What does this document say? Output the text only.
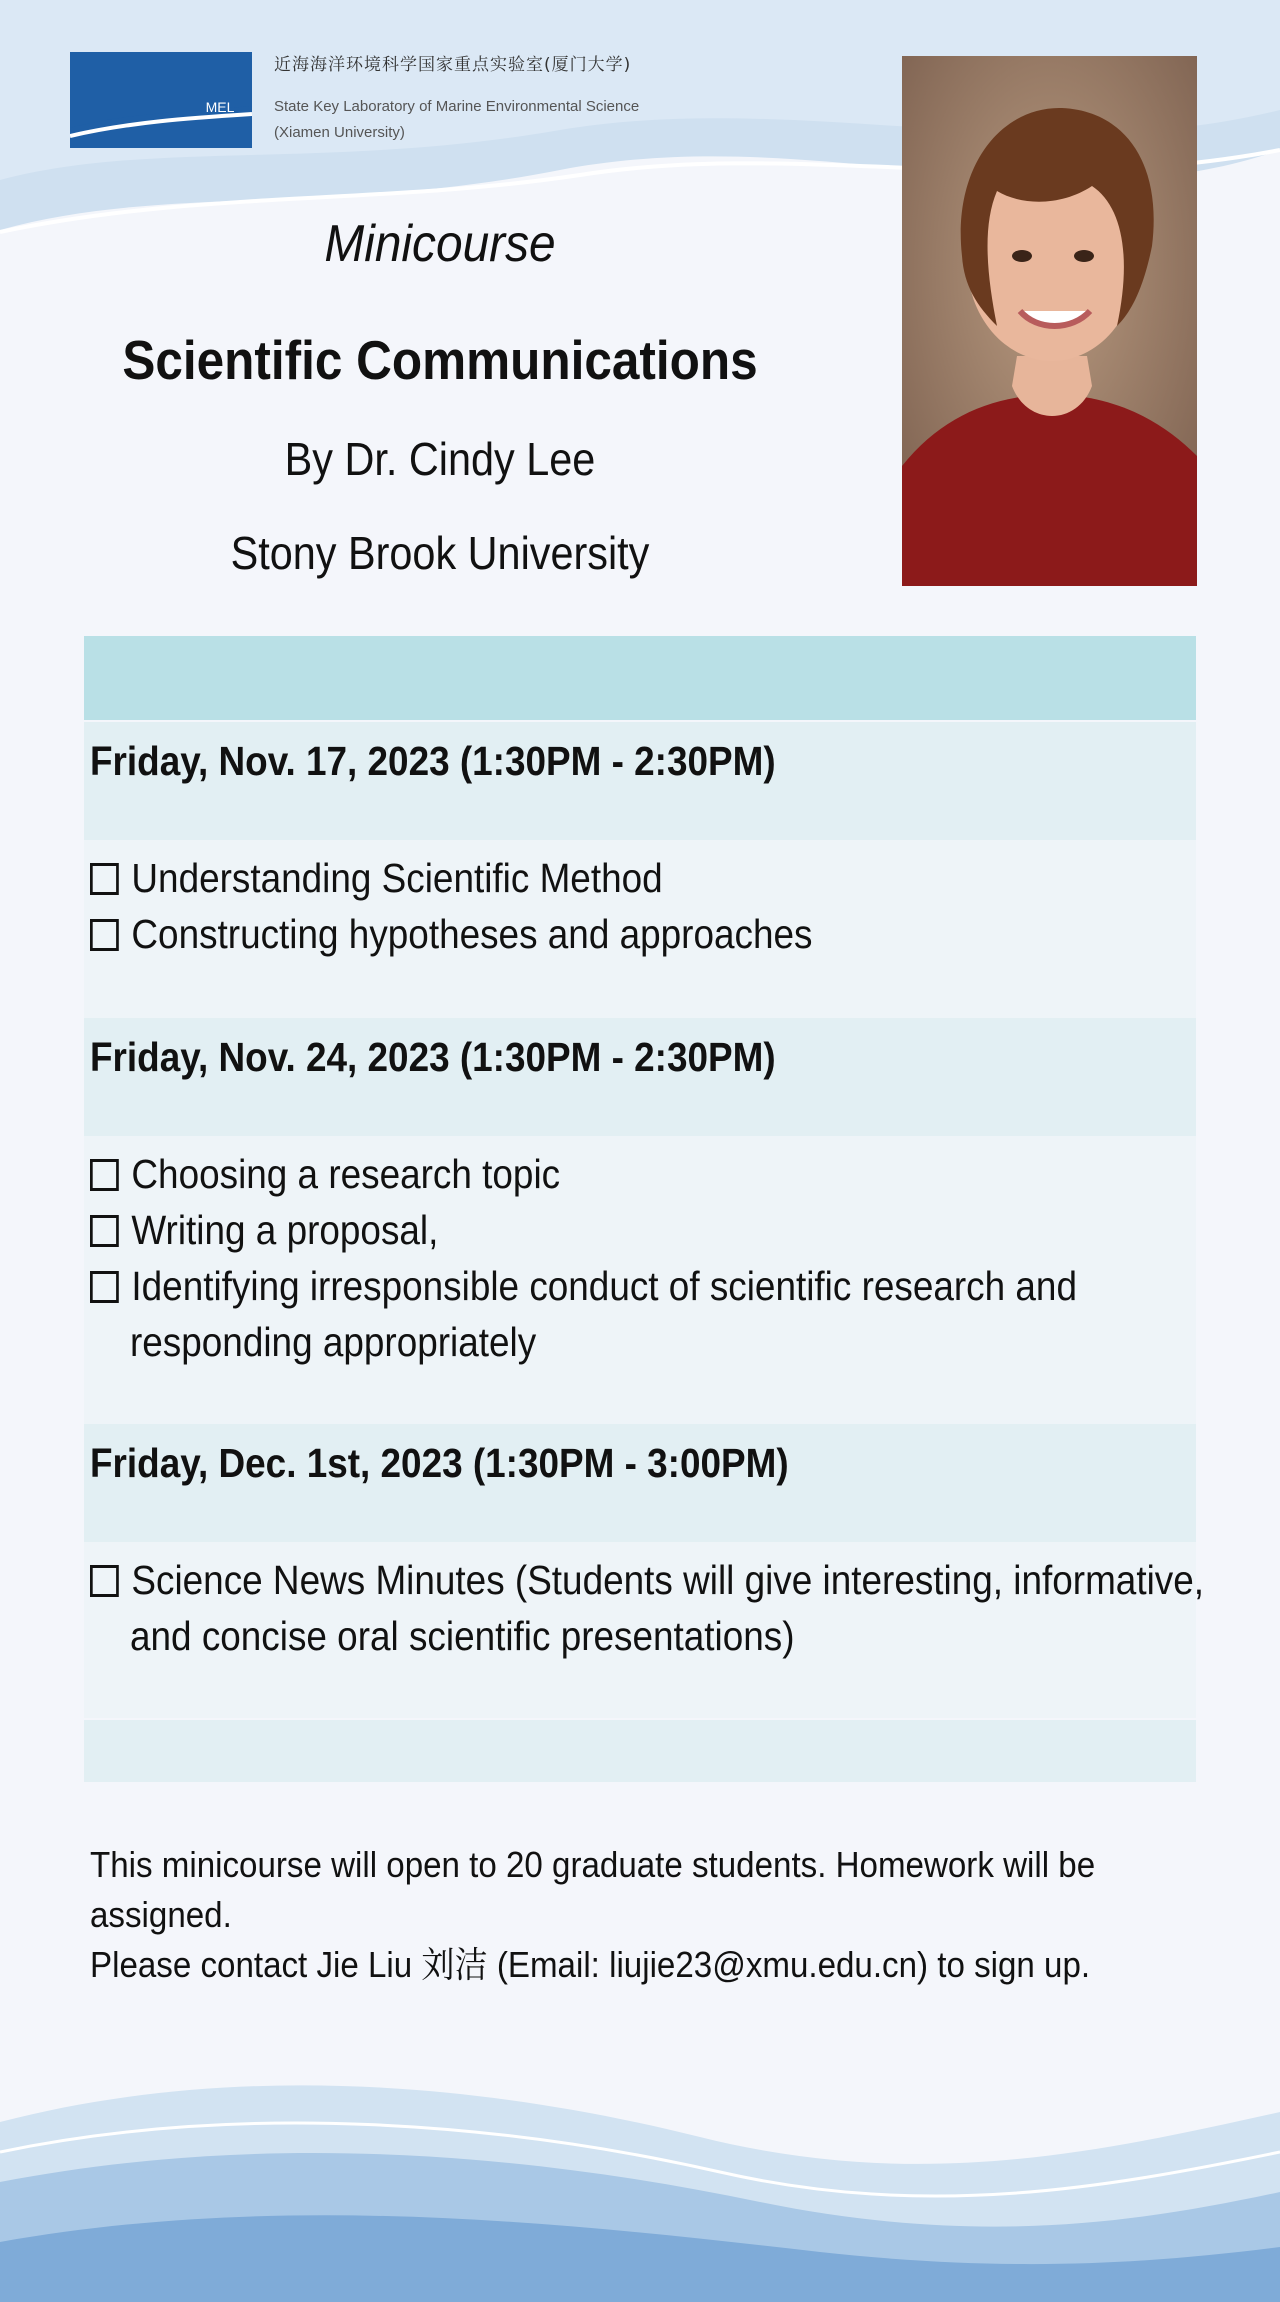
MEL
近海海洋环境科学国家重点实验室(厦门大学)
State Key Laboratory of Marine Environmental Science
(Xiamen University)
Minicourse
Scientific Communications
By Dr. Cindy Lee
Stony Brook University
Friday, Nov. 17, 2023 (1:30PM - 2:30PM)
Understanding Scientific Method
Constructing hypotheses and approaches
Friday, Nov. 24, 2023 (1:30PM - 2:30PM)
Choosing a research topic
Writing a proposal,
Identifying irresponsible conduct of scientific research and
responding appropriately
Friday, Dec. 1st, 2023 (1:30PM - 3:00PM)
Science News Minutes (Students will give interesting, informative,
and concise oral scientific presentations)
This minicourse will open to 20 graduate students. Homework will be
assigned.
Please contact Jie Liu 刘洁 (Email: liujie23@xmu.edu.cn) to sign up.
